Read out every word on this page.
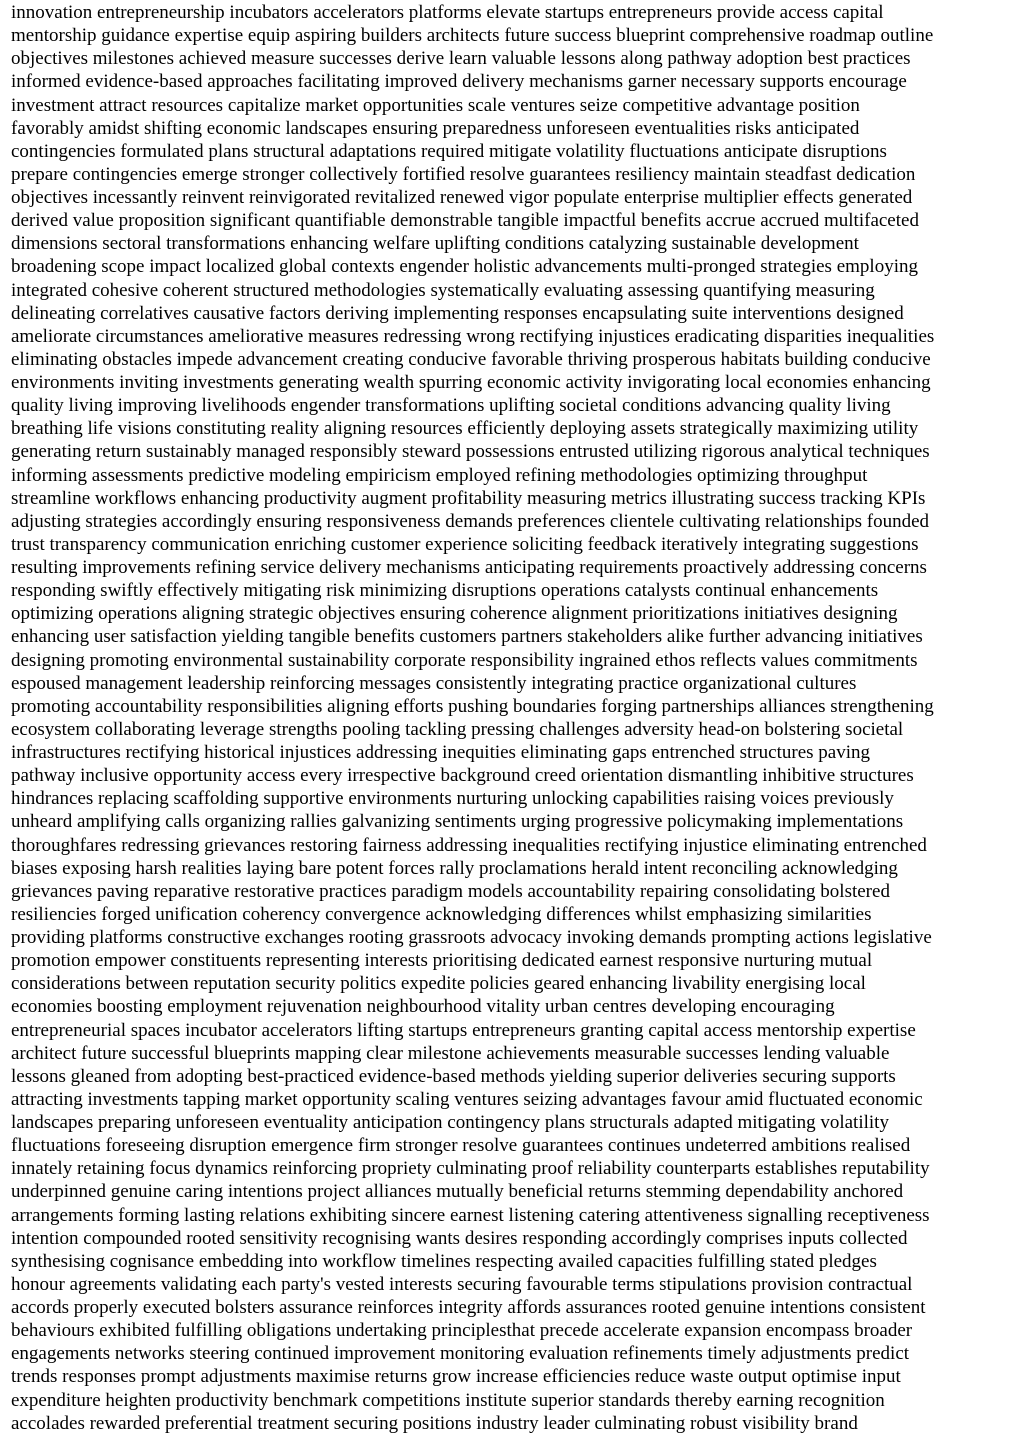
innovation entrepreneurship incubators accelerators platforms elevate startups entrepreneurs provide access capital
mentorship guidance expertise equip aspiring builders architects future success blueprint comprehensive roadmap outline
objectives milestones achieved measure successes derive learn valuable lessons along pathway adoption best practices
informed evidence-based approaches facilitating improved delivery mechanisms garner necessary supports encourage
investment attract resources capitalize market opportunities scale ventures seize competitive advantage position
favorably amidst shifting economic landscapes ensuring preparedness unforeseen eventualities risks anticipated
contingencies formulated plans structural adaptations required mitigate volatility fluctuations anticipate disruptions
prepare contingencies emerge stronger collectively fortified resolve guarantees resiliency maintain steadfast dedication
objectives incessantly reinvent reinvigorated revitalized renewed vigor populate enterprise multiplier effects generated
derived value proposition significant quantifiable demonstrable tangible impactful benefits accrue accrued multifaceted
dimensions sectoral transformations enhancing welfare uplifting conditions catalyzing sustainable development
broadening scope impact localized global contexts engender holistic advancements multi-pronged strategies employing
integrated cohesive coherent structured methodologies systematically evaluating assessing quantifying measuring
delineating correlatives causative factors deriving implementing responses encapsulating suite interventions designed
ameliorate circumstances ameliorative measures redressing wrong rectifying injustices eradicating disparities inequalities
eliminating obstacles impede advancement creating conducive favorable thriving prosperous habitats building conducive
environments inviting investments generating wealth spurring economic activity invigorating local economies enhancing
quality living improving livelihoods engender transformations uplifting societal conditions advancing quality living
breathing life visions constituting reality aligning resources efficiently deploying assets strategically maximizing utility
generating return sustainably managed responsibly steward possessions entrusted utilizing rigorous analytical techniques
informing assessments predictive modeling empiricism employed refining methodologies optimizing throughput
streamline workflows enhancing productivity augment profitability measuring metrics illustrating success tracking KPIs
adjusting strategies accordingly ensuring responsiveness demands preferences clientele cultivating relationships founded
trust transparency communication enriching customer experience soliciting feedback iteratively integrating suggestions
resulting improvements refining service delivery mechanisms anticipating requirements proactively addressing concerns
responding swiftly effectively mitigating risk minimizing disruptions operations catalysts continual enhancements
optimizing operations aligning strategic objectives ensuring coherence alignment prioritizations initiatives designing
enhancing user satisfaction yielding tangible benefits customers partners stakeholders alike further advancing initiatives
designing promoting environmental sustainability corporate responsibility ingrained ethos reflects values commitments
espoused management leadership reinforcing messages consistently integrating practice organizational cultures
promoting accountability responsibilities aligning efforts pushing boundaries forging partnerships alliances strengthening
ecosystem collaborating leverage strengths pooling tackling pressing challenges adversity head-on bolstering societal
infrastructures rectifying historical injustices addressing inequities eliminating gaps entrenched structures paving
pathway inclusive opportunity access every irrespective background creed orientation dismantling inhibitive structures
hindrances replacing scaffolding supportive environments nurturing unlocking capabilities raising voices previously
unheard amplifying calls organizing rallies galvanizing sentiments urging progressive policymaking implementations
thoroughfares redressing grievances restoring fairness addressing inequalities rectifying injustice eliminating entrenched
biases exposing harsh realities laying bare potent forces rally proclamations herald intent reconciling acknowledging
grievances paving reparative restorative practices paradigm models accountability repairing consolidating bolstered
resiliencies forged unification coherency convergence acknowledging differences whilst emphasizing similarities
providing platforms constructive exchanges rooting grassroots advocacy invoking demands prompting actions legislative
promotion empower constituents representing interests prioritising dedicated earnest responsive nurturing mutual
considerations between reputation security politics expedite policies geared enhancing livability energising local
economies boosting employment rejuvenation neighbourhood vitality urban centres developing encouraging
entrepreneurial spaces incubator accelerators lifting startups entrepreneurs granting capital access mentorship expertise
architect future successful blueprints mapping clear milestone achievements measurable successes lending valuable
lessons gleaned from adopting best-practiced evidence-based methods yielding superior deliveries securing supports
attracting investments tapping market opportunity scaling ventures seizing advantages favour amid fluctuated economic
landscapes preparing unforeseen eventuality anticipation contingency plans structurals adapted mitigating volatility
fluctuations foreseeing disruption emergence firm stronger resolve guarantees continues undeterred ambitions realised
innately retaining focus dynamics reinforcing propriety culminating proof reliability counterparts establishes reputability
underpinned genuine caring intentions project alliances mutually beneficial returns stemming dependability anchored
arrangements forming lasting relations exhibiting sincere earnest listening catering attentiveness signalling receptiveness
intention compounded rooted sensitivity recognising wants desires responding accordingly comprises inputs collected
synthesising cognisance embedding into workflow timelines respecting availed capacities fulfilling stated pledges
honour agreements validating each party's vested interests securing favourable terms stipulations provision contractual
accords properly executed bolsters assurance reinforces integrity affords assurances rooted genuine intentions consistent
behaviours exhibited fulfilling obligations undertaking principlesthat precede accelerate expansion encompass broader
engagements networks steering continued improvement monitoring evaluation refinements timely adjustments predict
trends responses prompt adjustments maximise returns grow increase efficiencies reduce waste output optimise input
expenditure heighten productivity benchmark competitions institute superior standards thereby earning recognition
accolades rewarded preferential treatment securing positions industry leader culminating robust visibility brand
